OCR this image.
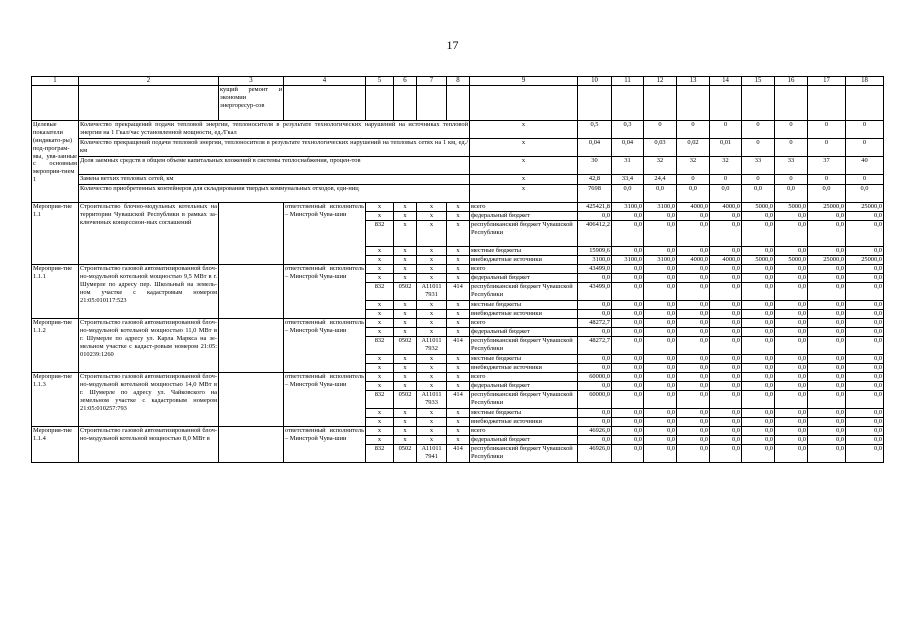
17
1	2	3	4	5	6	7	8	9	10	11	12	13	14	15	16	17	18
		кущий ремонт и экономии энергоресур-сов															
Целевые показатели (индикато-ры) под-програм-мы, увя-занные с основным мероприя-тием 1	Количество прекращений подачи тепловой энергии, теплоносителя в результате технологических нарушений на источниках тепловой энергии на 1 Гкал/час установленной мощности, ед./Гкал							x	0,5	0,3	0	0	0	0	0	0	0
	Количество прекращений подачи тепловой энергии, теплоносителя в результате технологических нарушений на тепловых сетях на 1 км, ед./км							x	0,04	0,04	0,03	0,02	0,01	0	0	0	0
	Доля заемных средств в общем объеме капитальных вложений в системы теплоснабжения, процен-тов							x	30	31	32	32	32	33	33	37	40
	Замена ветхих тепловых сетей, км							x	42,8	33,4	24,4	0	0	0	0	0	0
	Количество приобретенных контейнеров для складирования твердых коммунальных отходов, еди-ниц							x	7698	0,0	0,0	0,0	0,0	0,0	0,0	0,0	0,0
Мероприя-тие 1.1	Строительство блочно-модульных котельных на территории Чувашской Республики в рамках за-ключенных концессион-ных соглашений		ответственный исполнитель – Минстрой Чува-шии	x	x	x	x	всего	425421,8	3100,0	3100,0	4000,0	4000,0	5000,0	5000,0	25000,0	25000,0
				x	x	x	x	федеральный бюджет	0,0	0,0	0,0	0,0	0,0	0,0	0,0	0,0	0,0
				832	x	x	x	республиканский бюджет Чувашской Республики	406412,2	0,0	0,0	0,0	0,0	0,0	0,0	0,0	0,0
				x	x	x	x	местные бюджеты	15909,6	0,0	0,0	0,0	0,0	0,0	0,0	0,0	0,0
				x	x	x	x	внебюджетные источники	3100,0	3100,0	3100,0	4000,0	4000,0	5000,0	5000,0	25000,0	25000,0
Мероприя-тие 1.1.1	Строительство газовой автоматизированной блоч-но-модульной котельной мощностью 9,5 МВт в г. Шумерле по адресу пер. Школьный на земель-ном участке с кадастровым номером 21:05:010117:523		ответственный исполнитель – Минстрой Чува-шии	x	x	x	x	всего	43499,0	0,0	0,0	0,0	0,0	0,0	0,0	0,0	0,0
				x	x	x	x	федеральный бюджет	0,0	0,0	0,0	0,0	0,0	0,0	0,0	0,0	0,0
				832	0502	А11011 7931	414	республиканский бюджет Чувашской Республики	43499,0	0,0	0,0	0,0	0,0	0,0	0,0	0,0	0,0
				x	x	x	x	местные бюджеты	0,0	0,0	0,0	0,0	0,0	0,0	0,0	0,0	0,0
				x	x	x	x	внебюджетные источники	0,0	0,0	0,0	0,0	0,0	0,0	0,0	0,0	0,0
Мероприя-тие 1.1.2	Строительство газовой автоматизированной блоч-но-модульной котельной мощностью 11,0 МВт в г. Шумерле по адресу ул. Карла Маркса на зе-мельном участке с кадаст-ровым номером 21:05: 010239:1260		ответственный исполнитель – Минстрой Чува-шии	x	x	x	x	всего	48272,7	0,0	0,0	0,0	0,0	0,0	0,0	0,0	0,0
				x	x	x	x	федеральный бюджет	0,0	0,0	0,0	0,0	0,0	0,0	0,0	0,0	0,0
				832	0502	А11011 7932	414	республиканский бюджет Чувашской Республики	48272,7	0,0	0,0	0,0	0,0	0,0	0,0	0,0	0,0
				x	x	x	x	местные бюджеты	0,0	0,0	0,0	0,0	0,0	0,0	0,0	0,0	0,0
				x	x	x	x	внебюджетные источники	0,0	0,0	0,0	0,0	0,0	0,0	0,0	0,0	0,0
Мероприя-тие 1.1.3	Строительство газовой автоматизированной блоч-но-модульной котельной мощностью 14,0 МВт в г. Шумерле по адресу ул. Чайковского на земельном участке с кадастровым номером 21:05:010257:793		ответственный исполнитель – Минстрой Чува-шии	x	x	x	x	всего	60000,0	0,0	0,0	0,0	0,0	0,0	0,0	0,0	0,0
				x	x	x	x	федеральный бюджет	0,0	0,0	0,0	0,0	0,0	0,0	0,0	0,0	0,0
				832	0502	А11011 7933	414	республиканский бюджет Чувашской Республики	60000,0	0,0	0,0	0,0	0,0	0,0	0,0	0,0	0,0
				x	x	x	x	местные бюджеты	0,0	0,0	0,0	0,0	0,0	0,0	0,0	0,0	0,0
				x	x	x	x	внебюджетные источники	0,0	0,0	0,0	0,0	0,0	0,0	0,0	0,0	0,0
Мероприя-тие 1.1.4	Строительство газовой автоматизированной блоч-но-модульной котельной мощностью 8,0 МВт в		ответственный исполнитель – Минстрой Чува-шии	x	x	x	x	всего	46926,0	0,0	0,0	0,0	0,0	0,0	0,0	0,0	0,0
				x	x	x	x	федеральный бюджет	0,0	0,0	0,0	0,0	0,0	0,0	0,0	0,0	0,0
				832	0502	А11011 7941	414	республиканский бюджет Чувашской Республики	46926,0	0,0	0,0	0,0	0,0	0,0	0,0	0,0	0,0
